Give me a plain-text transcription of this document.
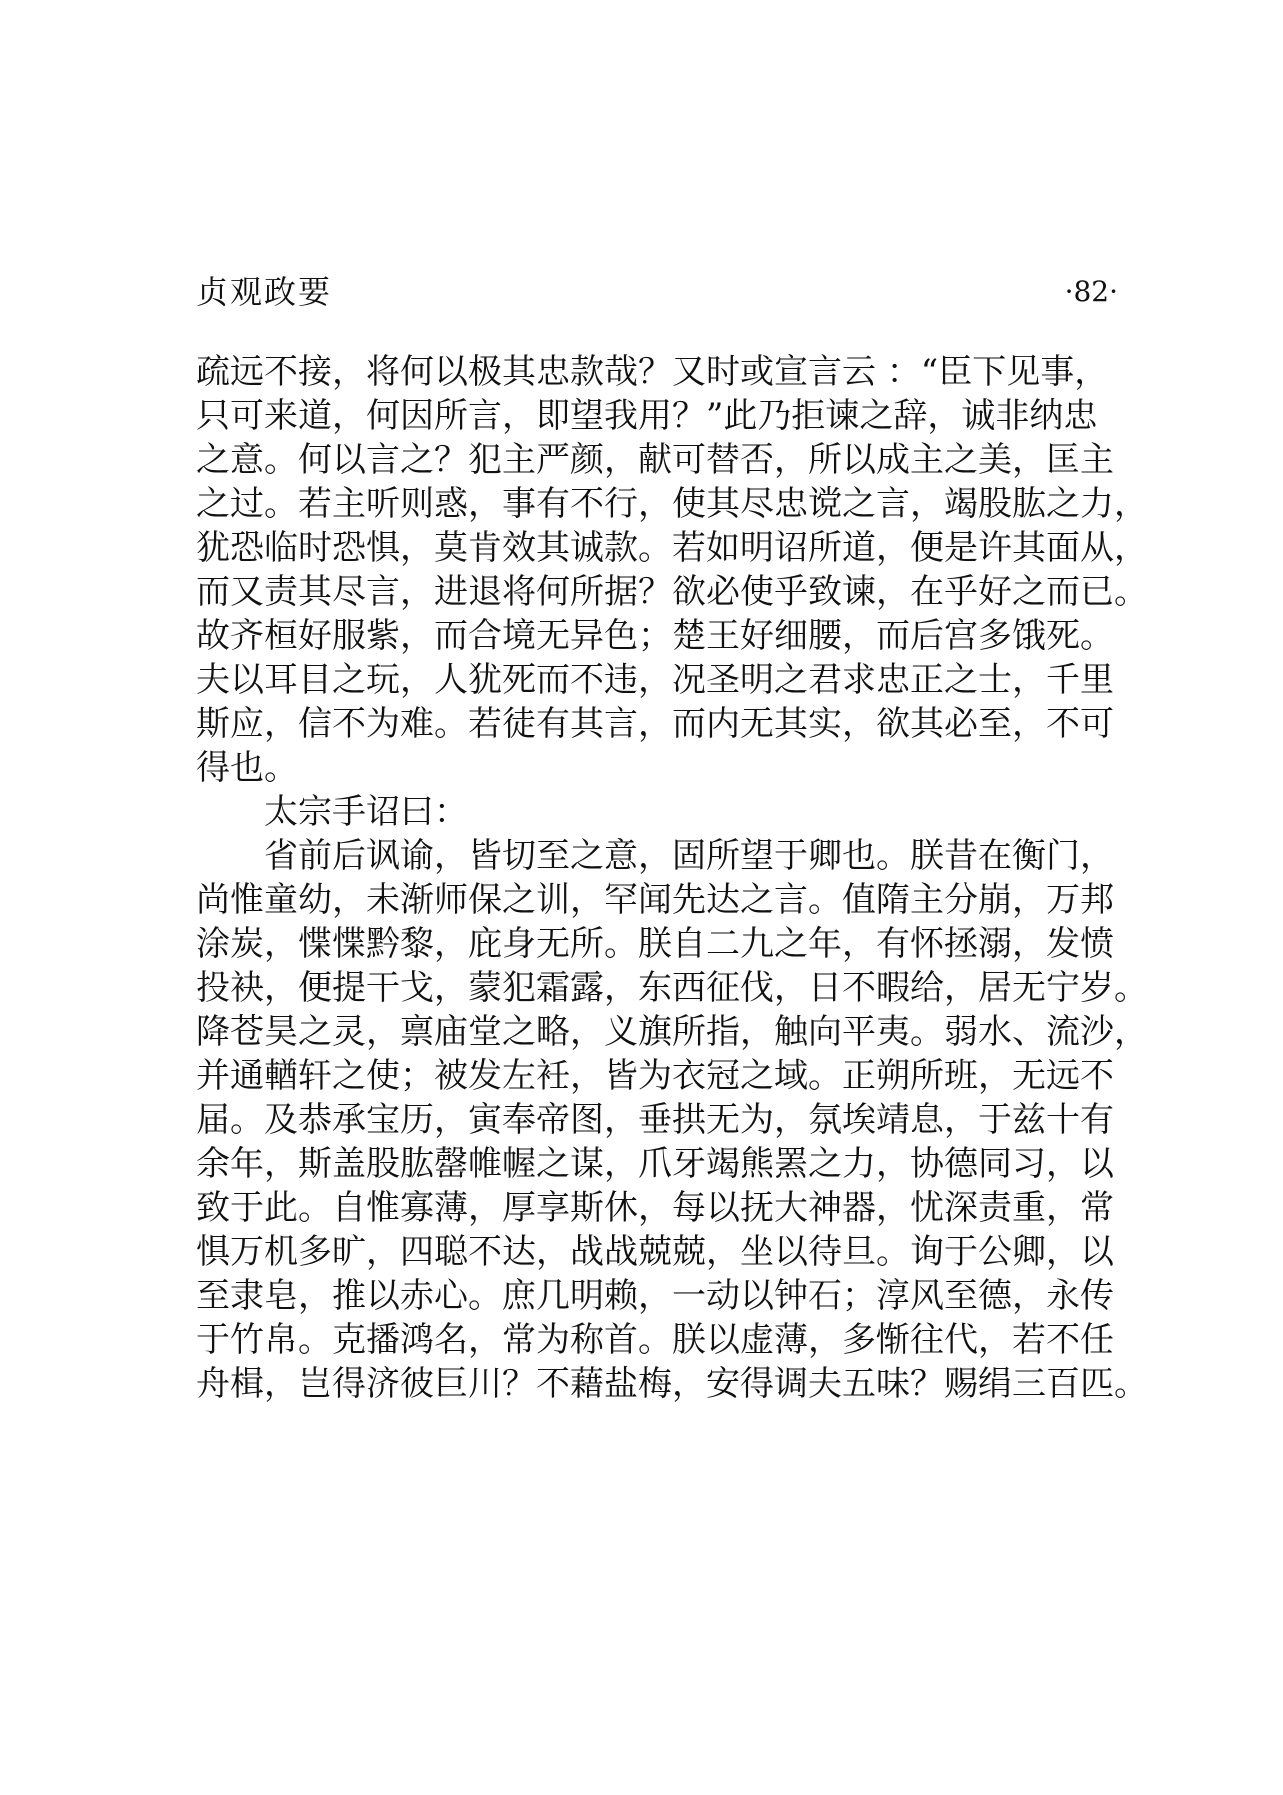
贞观政要	·82·
疏远不接，将何以极其忠款哉？又时或宣言云 ：“臣下见事，
只可来道，何因所言，即望我用？”此乃拒谏之辞，诚非纳忠
之意。何以言之？犯主严颜，献可替否，所以成主之美，匡主
之过。若主听则惑，事有不行，使其尽忠谠之言，竭股肱之力，
犹恐临时恐惧，莫肯效其诚款。若如明诏所道，便是许其面从，
而又责其尽言，进退将何所据？欲必使乎致谏，在乎好之而已。
故齐桓好服紫，而合境无异色；楚王好细腰，而后宫多饿死。
夫以耳目之玩，人犹死而不违，况圣明之君求忠正之士，千里
斯应，信不为难。若徒有其言，而内无其实，欲其必至，不可
得也。
太宗手诏曰：
省前后讽谕，皆切至之意，固所望于卿也。朕昔在衡门，
尚惟童幼，未渐师保之训，罕闻先达之言。值隋主分崩，万邦
涂炭，惵惵黔黎，庇身无所。朕自二九之年，有怀拯溺，发愤
投袂，便提干戈，蒙犯霜露，东西征伐，日不暇给，居无宁岁。
降苍昊之灵，禀庙堂之略，义旗所指，触向平夷。弱水、流沙，
并通輶轩之使；被发左衽，皆为衣冠之域。正朔所班，无远不
届。及恭承宝历，寅奉帝图，垂拱无为，氛埃靖息，于兹十有
余年，斯盖股肱罄帷幄之谋，爪牙竭熊罴之力，协德同习，以
致于此。自惟寡薄，厚享斯休，每以抚大神器，忧深责重，常
惧万机多旷，四聪不达，战战兢兢，坐以待旦。询于公卿，以
至隶皂，推以赤心。庶几明赖，一动以钟石；淳风至德，永传
于竹帛。克播鸿名，常为称首。朕以虚薄，多惭往代，若不任
舟楫，岂得济彼巨川？不藉盐梅，安得调夫五味？赐绢三百匹。
